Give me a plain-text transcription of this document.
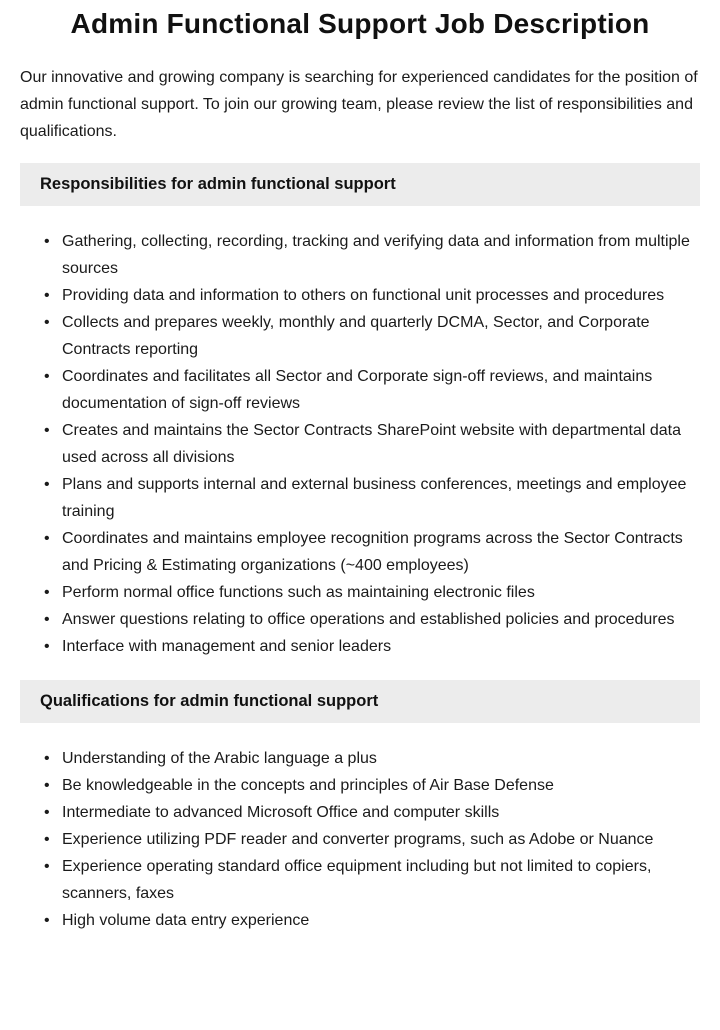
Admin Functional Support Job Description

Our innovative and growing company is searching for experienced candidates for the position of admin functional support. To join our growing team, please review the list of responsibilities and qualifications.

Responsibilities for admin functional support
• Gathering, collecting, recording, tracking and verifying data and information from multiple sources
• Providing data and information to others on functional unit processes and procedures
• Collects and prepares weekly, monthly and quarterly DCMA, Sector, and Corporate Contracts reporting
• Coordinates and facilitates all Sector and Corporate sign-off reviews, and maintains documentation of sign-off reviews
• Creates and maintains the Sector Contracts SharePoint website with departmental data used across all divisions
• Plans and supports internal and external business conferences, meetings and employee training
• Coordinates and maintains employee recognition programs across the Sector Contracts and Pricing & Estimating organizations (~400 employees)
• Perform normal office functions such as maintaining electronic files
• Answer questions relating to office operations and established policies and procedures
• Interface with management and senior leaders
Qualifications for admin functional support
• Understanding of the Arabic language a plus
• Be knowledgeable in the concepts and principles of Air Base Defense
• Intermediate to advanced Microsoft Office and computer skills
• Experience utilizing PDF reader and converter programs, such as Adobe or Nuance
• Experience operating standard office equipment including but not limited to copiers, scanners, faxes
• High volume data entry experience
